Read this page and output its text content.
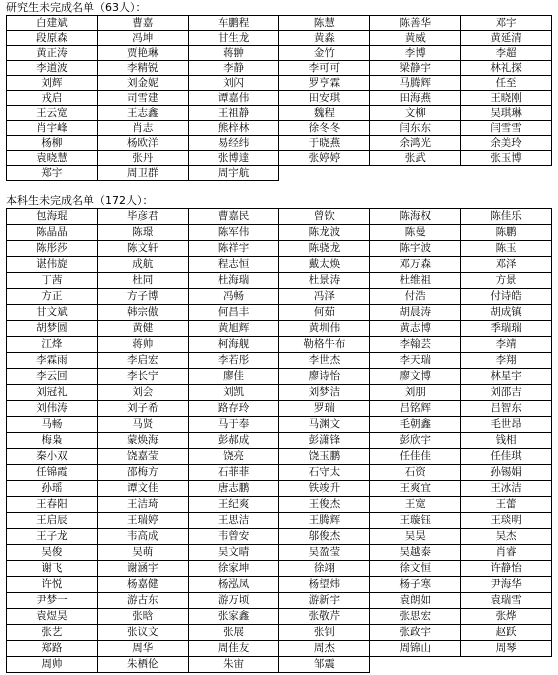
研究生未完成名单（63人）：
白建斌	曹嘉	车鹏程	陈慧	陈善华	邓宇
段原森	冯坤	甘生龙	黄淼	黄威	黄延清
黄正涛	贾艳琳	蒋翀	金竹	李博	李超
李道波	李精锐	李静	李可可	梁静宇	林礼探
刘辉	刘金妮	刘闪	罗亨霖	马腾辉	任至
戎启	司雪建	谭嘉伟	田安琪	田海燕	王晓刚
王云宽	王志鑫	王祖静	魏程	文柳	吴琪琳
肖宇峰	肖志	熊梓林	徐冬冬	闫东东	闫雪雪
杨柳	杨欧洋	易经纬	于晓燕	余鸿光	余美玲
袁晓慧	张丹	张博達	张婷婷	张武	张玉博
郑宇	周卫群	周宇航			
本科生未完成名单（172人）：
包海琨	毕彦君	曹嘉民	曾钦	陈海权	陈佳乐
陈晶晶	陈璟	陈军伟	陈龙波	陈曼	陈鹏
陈彤莎	陈文轩	陈祥宇	陈骁龙	陈宇波	陈玉
谌伟旋	成航	程志恒	戴太焕	邓万森	邓泽
丁茜	杜同	杜海瑞	杜景涛	杜维祖	方景
方正	方子博	冯畅	冯泽	付浩	付诗皓
甘文斌	韩宗傲	何昌丰	何茹	胡晨涛	胡成镇
胡梦圆	黄健	黄旭辉	黄圳伟	黄志博	季瑞瑞
江烽	蒋帅	柯海舰	勒格牛布	李翰芸	李靖
李霖雨	李启宏	李若彤	李世杰	李天瑞	李翔
李云回	李长宁	廖佳	廖诗怡	廖文博	林星宇
刘冠礼	刘会	刘凯	刘梦洁	刘朋	刘邵吉
刘伟涛	刘子希	路存玲	罗瑞	吕铭辉	吕智东
马畅	马贤	马于奉	马渊文	毛朝鑫	毛世昂
梅枭	蒙焕海	彭郝成	彭潇锋	彭欣宇	钱相
秦小双	饶嘉莹	饶亮	饶玉鹏	任佳佳	任佳琪
任锦霞	邵梅方	石菲菲	石守太	石资	孙锡娟
孙瑶	谭文佳	唐志鹏	铁竣升	王爽宜	王冰洁
王春阳	王洁琦	王纪爽	王俊杰	王宽	王蕾
王启辰	王瑞婷	王思洁	王腾辉	王璇钰	王琰明
王子龙	韦高成	韦曾安	邬俊杰	吴昊	吴杰
吴俊	吴萌	吴文晴	吴盈莹	吴越泰	肖睿
谢飞	谢涵宇	徐家坤	徐翊	徐文恒	许静怡
许悦	杨嘉健	杨泓凤	杨望炜	杨子寒	尹海华
尹梦一	游古东	游万顷	游新宇	袁朗如	袁瑞雪
袁煜昊	张晗	张家鑫	张敬芹	张思宏	张烨
张艺	张议文	张展	张钊	张政宇	赵跃
郑路	周华	周佳友	周杰	周锦山	周琴
周帅	朱栖伦	朱宙	邹震		
